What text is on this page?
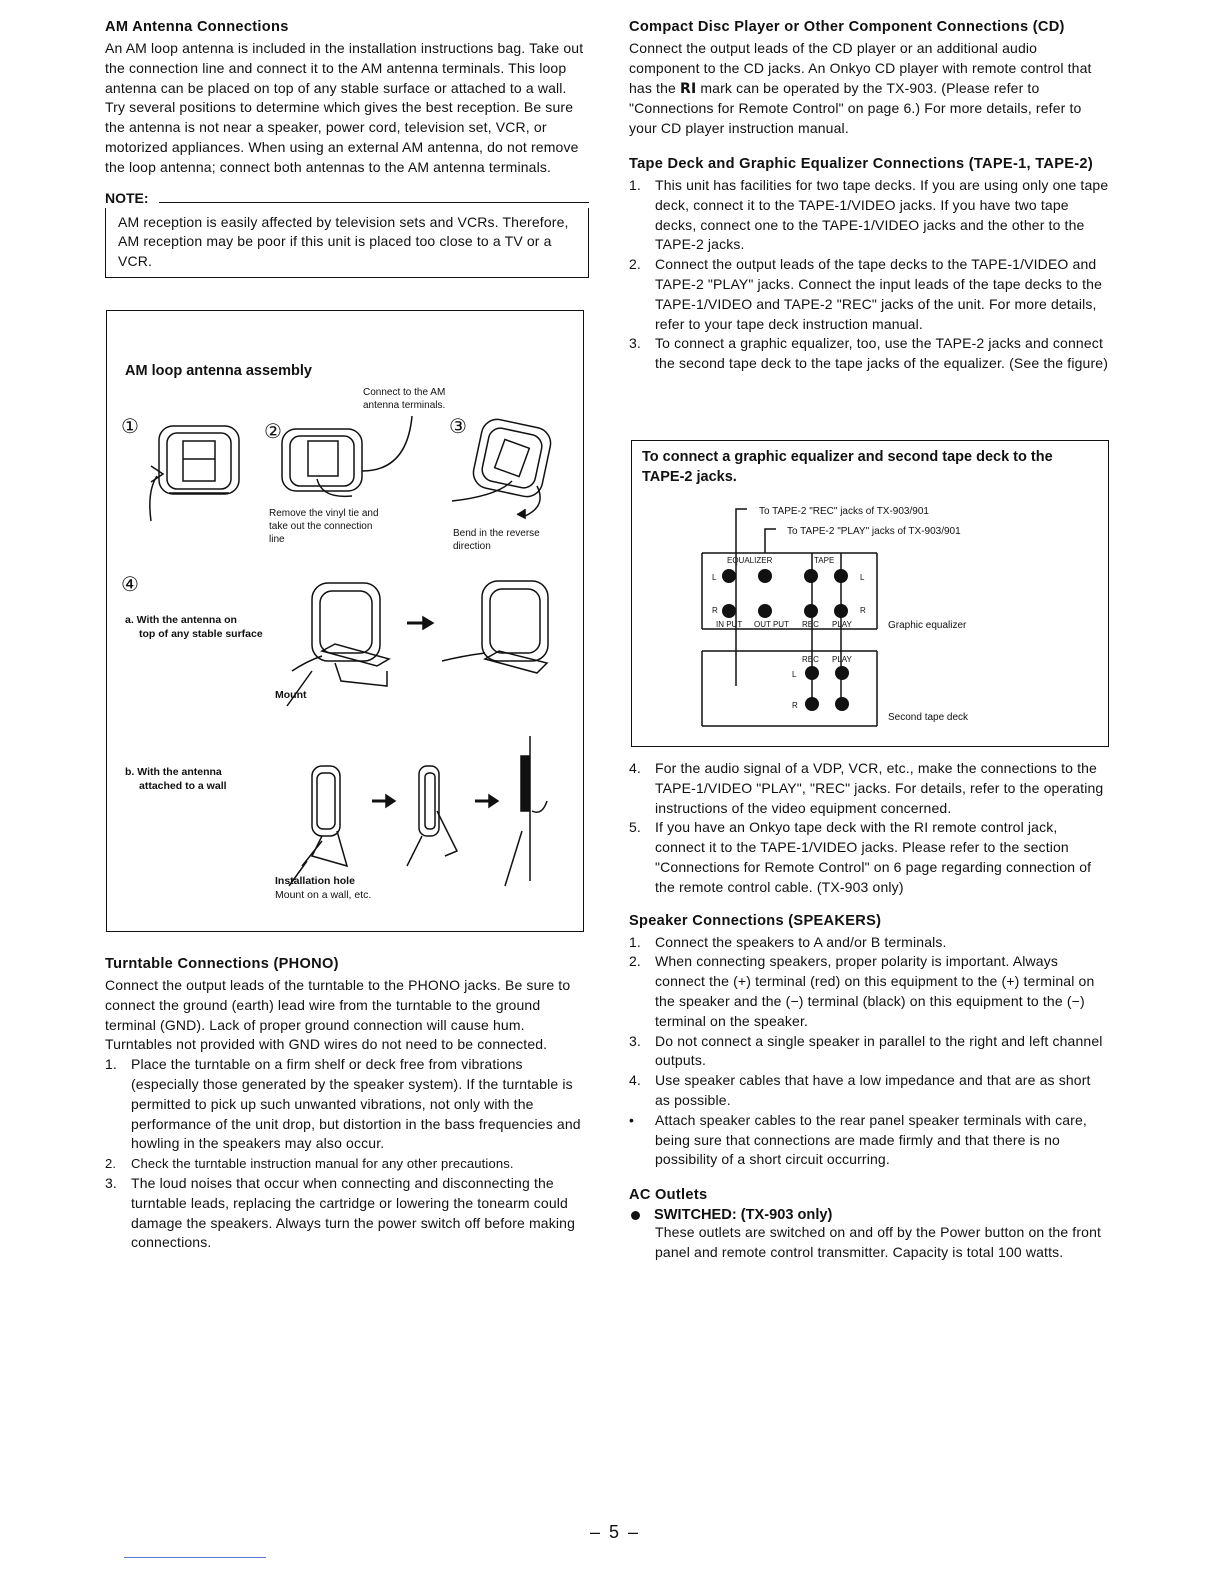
AM Antenna Connections

An AM loop antenna is included in the installation instructions bag. Take out the connection line and connect it to the AM antenna terminals. This loop antenna can be placed on top of any stable surface or attached to a wall. Try several positions to determine which gives the best reception. Be sure the antenna is not near a speaker, power cord, television set, VCR, or motorized appliances. When using an external AM antenna, do not remove the loop antenna; connect both antennas to the AM antenna terminals.

NOTE:

AM reception is easily affected by television sets and VCRs. Therefore, AM reception may be poor if this unit is placed too close to a TV or a VCR.

AM loop antenna assembly
Connect to the AM
antenna terminals.
①	②	③
Remove the vinyl tie and
take out the connection
line
Bend in the reverse
direction
④
a. With the antenna on
top of any stable surface
Mount
b. With the antenna
attached to a wall
Installation hole
Mount on a wall, etc.
Turntable Connections (PHONO)

Connect the output leads of the turntable to the PHONO jacks. Be sure to connect the ground (earth) lead wire from the turntable to the ground terminal (GND). Lack of proper ground connection will cause hum. Turntables not provided with GND wires do not need to be connected.

1. Place the turntable on a firm shelf or deck free from vibrations (especially those generated by the speaker system). If the turntable is permitted to pick up such unwanted vibrations, not only with the performance of the unit drop, but distortion in the bass frequencies and howling in the speakers may also occur.
2. Check the turntable instruction manual for any other precautions.
3. The loud noises that occur when connecting and disconnecting the turntable leads, replacing the cartridge or lowering the tonearm could damage the speakers. Always turn the power switch off before making connections.
Compact Disc Player or Other Component Connections (CD)

Connect the output leads of the CD player or an additional audio component to the CD jacks. An Onkyo CD player with remote control that has the RI mark can be operated by the TX-903. (Please refer to "Connections for Remote Control" on page 6.) For more details, refer to your CD player instruction manual.

Tape Deck and Graphic Equalizer Connections (TAPE-1, TAPE-2)
1. This unit has facilities for two tape decks. If you are using only one tape deck, connect it to the TAPE-1/VIDEO jacks. If you have two tape decks, connect one to the TAPE-1/VIDEO jacks and the other to the TAPE-2 jacks.
2. Connect the output leads of the tape decks to the TAPE-1/VIDEO and TAPE-2 "PLAY" jacks. Connect the input leads of the tape decks to the TAPE-1/VIDEO and TAPE-2 "REC" jacks of the unit. For more details, refer to your tape deck instruction manual.
3. To connect a graphic equalizer, too, use the TAPE-2 jacks and connect the second tape deck to the tape jacks of the equalizer. (See the figure)
To connect a graphic equalizer and second tape deck to the TAPE-2 jacks.
To TAPE-2 "REC" jacks of TX-903/901
To TAPE-2 "PLAY" jacks of TX-903/901
EQUALIZER	TAPE
L	L
R	R
IN PUT OUT PUT REC PLAY	Graphic equalizer
REC PLAY
L
R
Second tape deck
4. For the audio signal of a VDP, VCR, etc., make the connections to the TAPE-1/VIDEO "PLAY", "REC" jacks. For details, refer to the operating instructions of the video equipment concerned.
5. If you have an Onkyo tape deck with the RI remote control jack, connect it to the TAPE-1/VIDEO jacks. Please refer to the section "Connections for Remote Control" on 6 page regarding connection of the remote control cable. (TX-903 only)
Speaker Connections (SPEAKERS)
1. Connect the speakers to A and/or B terminals.
2. When connecting speakers, proper polarity is important. Always connect the (+) terminal (red) on this equipment to the (+) terminal on the speaker and the (−) terminal (black) on this equipment to the (−) terminal on the speaker.
3. Do not connect a single speaker in parallel to the right and left channel outputs.
4. Use speaker cables that have a low impedance and that are as short as possible.
• Attach speaker cables to the rear panel speaker terminals with care, being sure that connections are made firmly and that there is no possibility of a short circuit occurring.
AC Outlets
SWITCHED: (TX-903 only)

These outlets are switched on and off by the Power button on the front panel and remote control transmitter. Capacity is total 100 watts.

– 5 –
